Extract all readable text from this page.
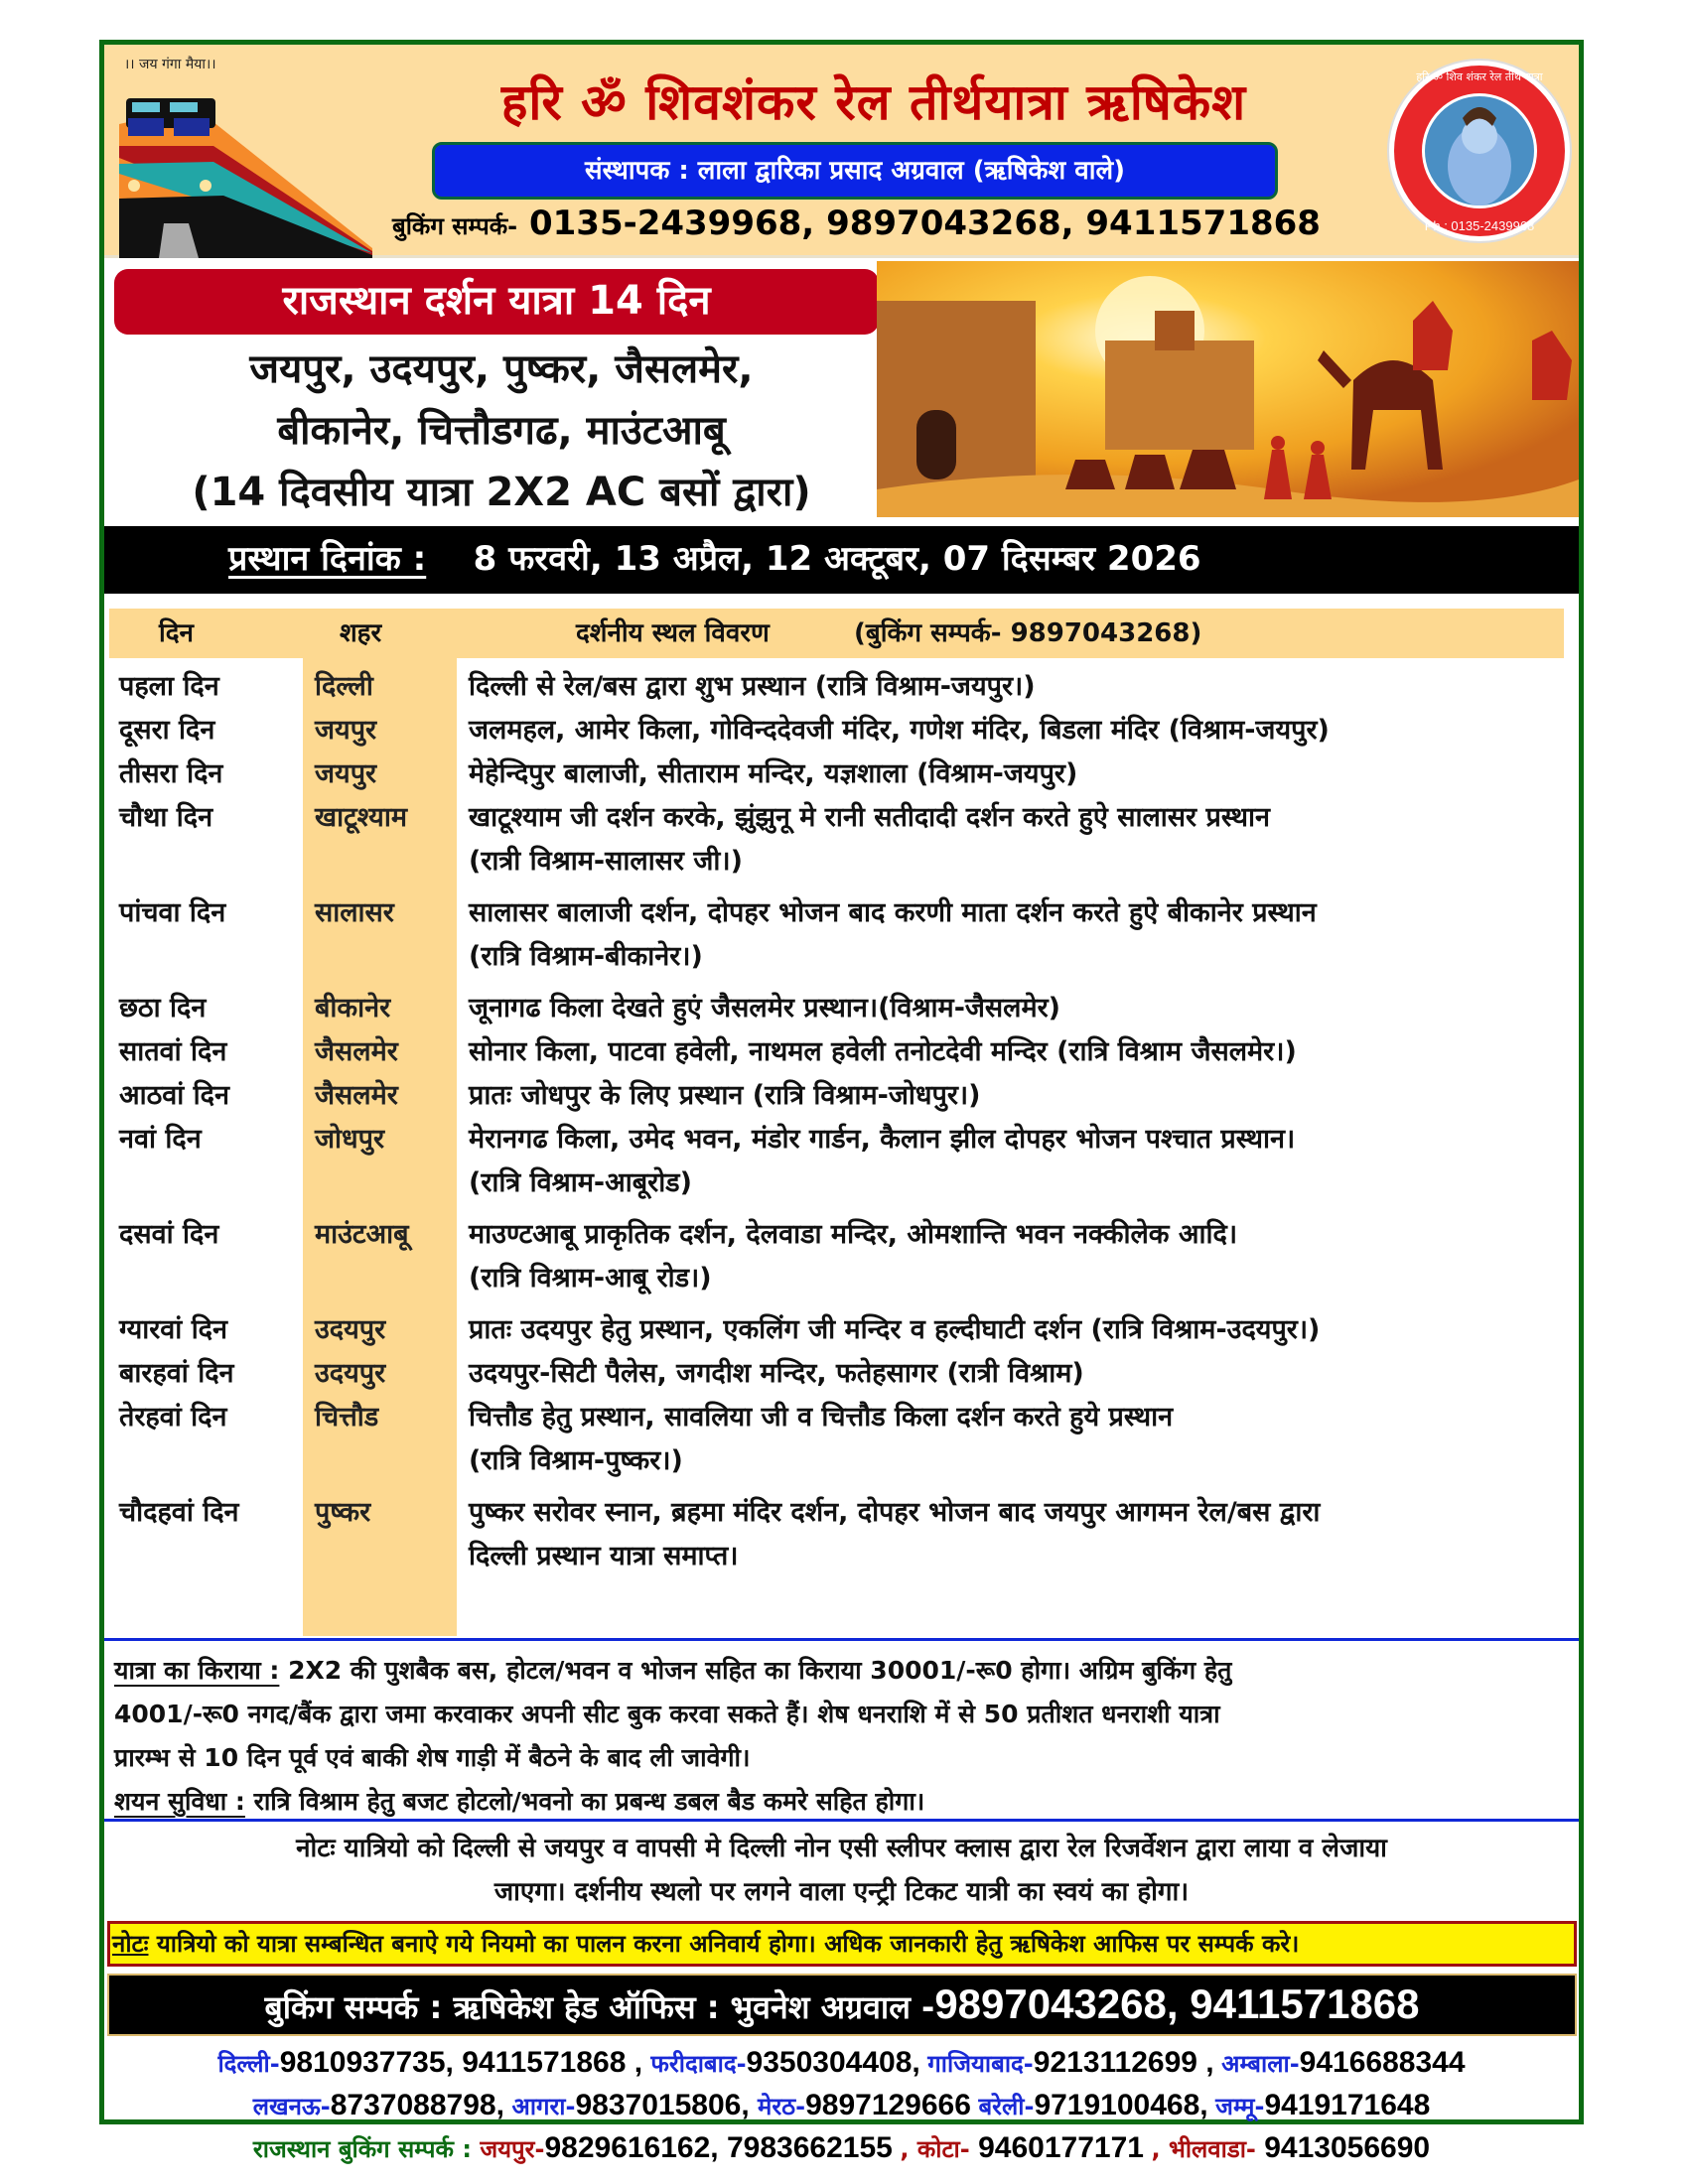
।। जय गंगा मैया।।
हरि ॐ शिवशंकर रेल तीर्थयात्रा ऋषिकेश
संस्थापक : लाला द्वारिका प्रसाद अग्रवाल (ऋषिकेश वाले)
बुकिंग सम्पर्क- 0135-2439968, 9897043268, 9411571868	Ph.: 0135-2439968
हरि ॐ शिव शंकर रेल तीर्थ यात्रा
राजस्थान दर्शन यात्रा 14 दिन
जयपुर, उदयपुर, पुष्कर, जैसलमेर,
बीकानेर, चित्तौडगढ, माउंटआबू
(14 दिवसीय यात्रा 2X2 AC बसों द्वारा)
प्रस्थान दिनांक : 8 फरवरी, 13 अप्रैल, 12 अक्टूबर, 07 दिसम्बर 2026
दिन	शहर	दर्शनीय स्थल विवरण	(बुकिंग सम्पर्क- 9897043268)
पहला दिन	दिल्ली	दिल्ली से रेल/बस द्वारा शुभ प्रस्थान (रात्रि विश्राम-जयपुर।)
दूसरा दिन	जयपुर	जलमहल, आमेर किला, गोविन्ददेवजी मंदिर, गणेश मंदिर, बिडला मंदिर (विश्राम-जयपुर)
तीसरा दिन	जयपुर	मेहेन्दिपुर बालाजी, सीताराम मन्दिर, यज्ञशाला (विश्राम-जयपुर)
चौथा दिन	खाटूश्याम	खाटूश्याम जी दर्शन करके, झुंझुनू मे रानी सतीदादी दर्शन करते हुऐ सालासर प्रस्थान
(रात्री विश्राम-सालासर जी।)
पांचवा दिन	सालासर	सालासर बालाजी दर्शन, दोपहर भोजन बाद करणी माता दर्शन करते हुऐ बीकानेर प्रस्थान
(रात्रि विश्राम-बीकानेर।)
छठा दिन	बीकानेर	जूनागढ किला देखते हुएं जैसलमेर प्रस्थान।(विश्राम-जैसलमेर)
सातवां दिन	जैसलमेर	सोनार किला, पाटवा हवेली, नाथमल हवेली तनोटदेवी मन्दिर (रात्रि विश्राम जैसलमेर।)
आठवां दिन	जैसलमेर	प्रातः जोधपुर के लिए प्रस्थान (रात्रि विश्राम-जोधपुर।)
नवां दिन	जोधपुर	मेरानगढ किला, उमेद भवन, मंडोर गार्डन, कैलान झील दोपहर भोजन पश्चात प्रस्थान।
(रात्रि विश्राम-आबूरोड)
दसवां दिन	माउंटआबू	माउण्टआबू प्राकृतिक दर्शन, देलवाडा मन्दिर, ओमशान्ति भवन नक्कीलेक आदि।
(रात्रि विश्राम-आबू रोड।)
ग्यारवां दिन	उदयपुर	प्रातः उदयपुर हेतु प्रस्थान, एकलिंग जी मन्दिर व हल्दीघाटी दर्शन (रात्रि विश्राम-उदयपुर।)
बारहवां दिन	उदयपुर	उदयपुर-सिटी पैलेस, जगदीश मन्दिर, फतेहसागर (रात्री विश्राम)
तेरहवां दिन	चित्तौड	चित्तौड हेतु प्रस्थान, सावलिया जी व चित्तौड किला दर्शन करते हुये प्रस्थान
(रात्रि विश्राम-पुष्कर।)
चौदहवां दिन	पुष्कर	पुष्कर सरोवर स्नान, ब्रहमा मंदिर दर्शन, दोपहर भोजन बाद जयपुर आगमन रेल/बस द्वारा
दिल्ली प्रस्थान यात्रा समाप्त।
यात्रा का किराया : 2X2 की पुशबैक बस, होटल/भवन व भोजन सहित का किराया 30001/-रू0 होगा। अग्रिम बुकिंग हेतु
4001/-रू0 नगद/बैंक द्वारा जमा करवाकर अपनी सीट बुक करवा सकते हैं। शेष धनराशि में से 50 प्रतीशत धनराशी यात्रा
प्रारम्भ से 10 दिन पूर्व एवं बाकी शेष गाड़ी में बैठने के बाद ली जावेगी।
शयन सुविधा : रात्रि विश्राम हेतु बजट होटलो/भवनो का प्रबन्ध डबल बैड कमरे सहित होगा।
नोटः यात्रियो को दिल्ली से जयपुर व वापसी मे दिल्ली नोन एसी स्लीपर क्लास द्वारा रेल रिजर्वेशन द्वारा लाया व लेजाया
जाएगा। दर्शनीय स्थलो पर लगने वाला एन्ट्री टिकट यात्री का स्वयं का होगा।
नोटः यात्रियो को यात्रा सम्बन्धित बनाऐ गये नियमो का पालन करना अनिवार्य होगा। अधिक जानकारी हेतु ऋषिकेश आफिस पर सम्पर्क करे।
बुकिंग सम्पर्क : ऋषिकेश हेड ऑफिस : भुवनेश अग्रवाल -9897043268, 9411571868
दिल्ली-9810937735, 9411571868 , फरीदाबाद-9350304408, गाजियाबाद-9213112699 , अम्बाला-9416688344
लखनऊ-8737088798, आगरा-9837015806, मेरठ-9897129666 बरेली-9719100468, जम्मू-9419171648
राजस्थान बुकिंग सम्पर्क : जयपुर-9829616162, 7983662155 , कोटा- 9460177171 , भीलवाडा- 9413056690
